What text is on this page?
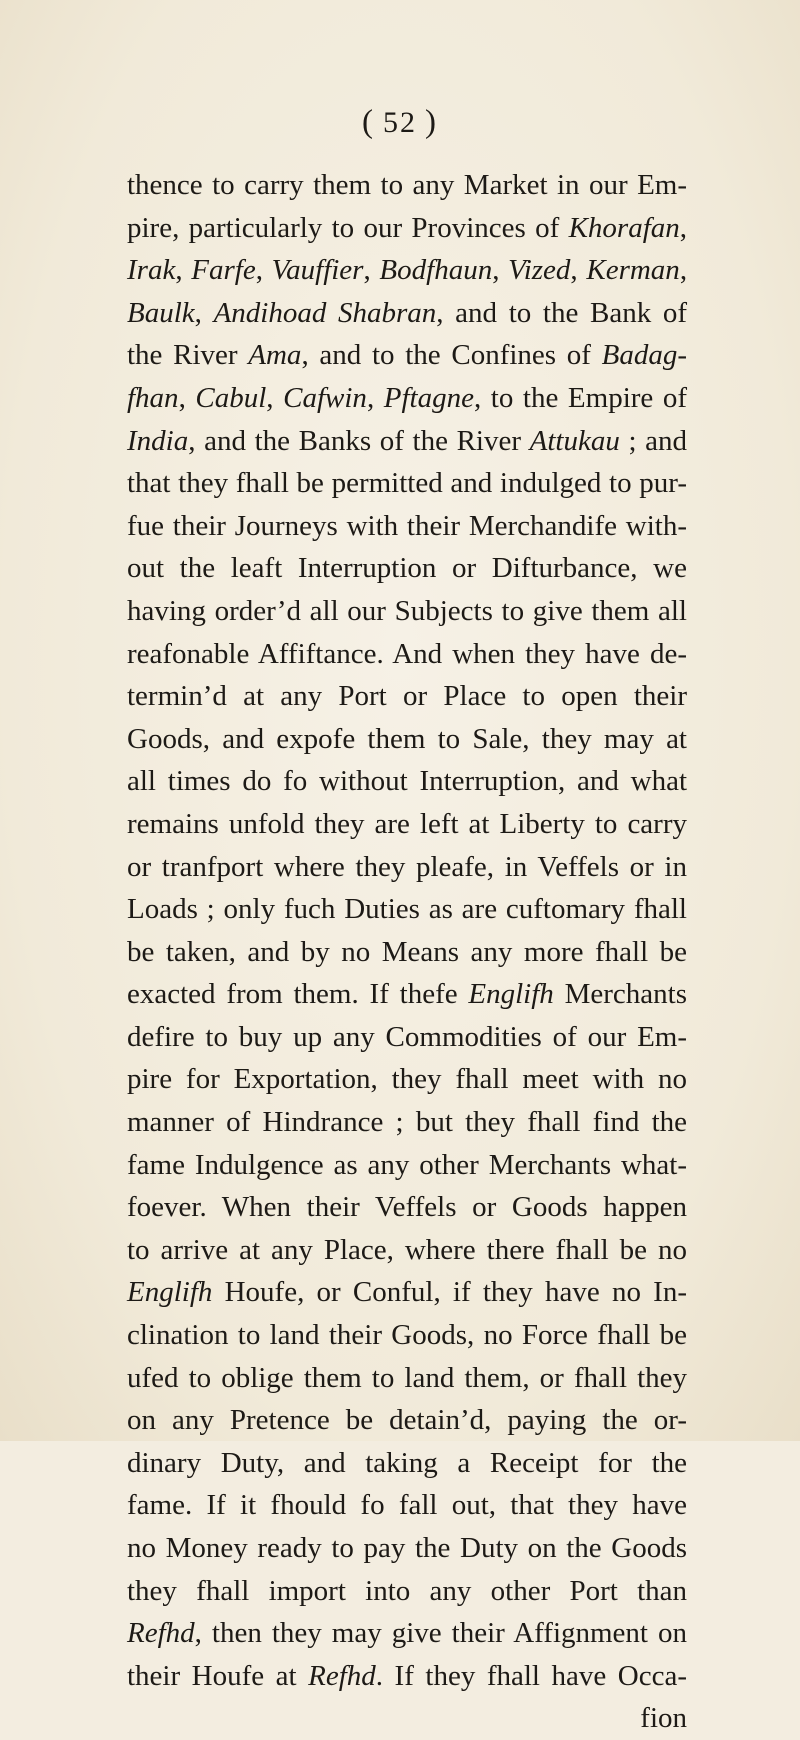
( 52 )
thence to carry them to any Market in our Em-
pire, particularly to our Provinces of Khorafan,
Irak, Farfe, Vauffier, Bodfhaun, Vized, Kerman,
Baulk, Andihoad Shabran, and to the Bank of
the River Ama, and to the Confines of Badag-
fhan, Cabul, Cafwin, Pftagne, to the Empire of
India, and the Banks of the River Attukau ; and
that they fhall be permitted and indulged to pur-
fue their Journeys with their Merchandife with-
out the leaft Interruption or Difturbance, we
having order’d all our Subjects to give them all
reafonable Affiftance. And when they have de-
termin’d at any Port or Place to open their
Goods, and expofe them to Sale, they may at
all times do fo without Interruption, and what
remains unfold they are left at Liberty to carry
or tranfport where they pleafe, in Veffels or in
Loads ; only fuch Duties as are cuftomary fhall
be taken, and by no Means any more fhall be
exacted from them. If thefe Englifh Merchants
defire to buy up any Commodities of our Em-
pire for Exportation, they fhall meet with no
manner of Hindrance ; but they fhall find the
fame Indulgence as any other Merchants what-
foever. When their Veffels or Goods happen
to arrive at any Place, where there fhall be no
Englifh Houfe, or Conful, if they have no In-
clination to land their Goods, no Force fhall be
ufed to oblige them to land them, or fhall they
on any Pretence be detain’d, paying the or-
dinary Duty, and taking a Receipt for the
fame. If it fhould fo fall out, that they have
no Money ready to pay the Duty on the Goods
they fhall import into any other Port than
Refhd, then they may give their Affignment on
their Houfe at Refhd. If they fhall have Occa-
fion
